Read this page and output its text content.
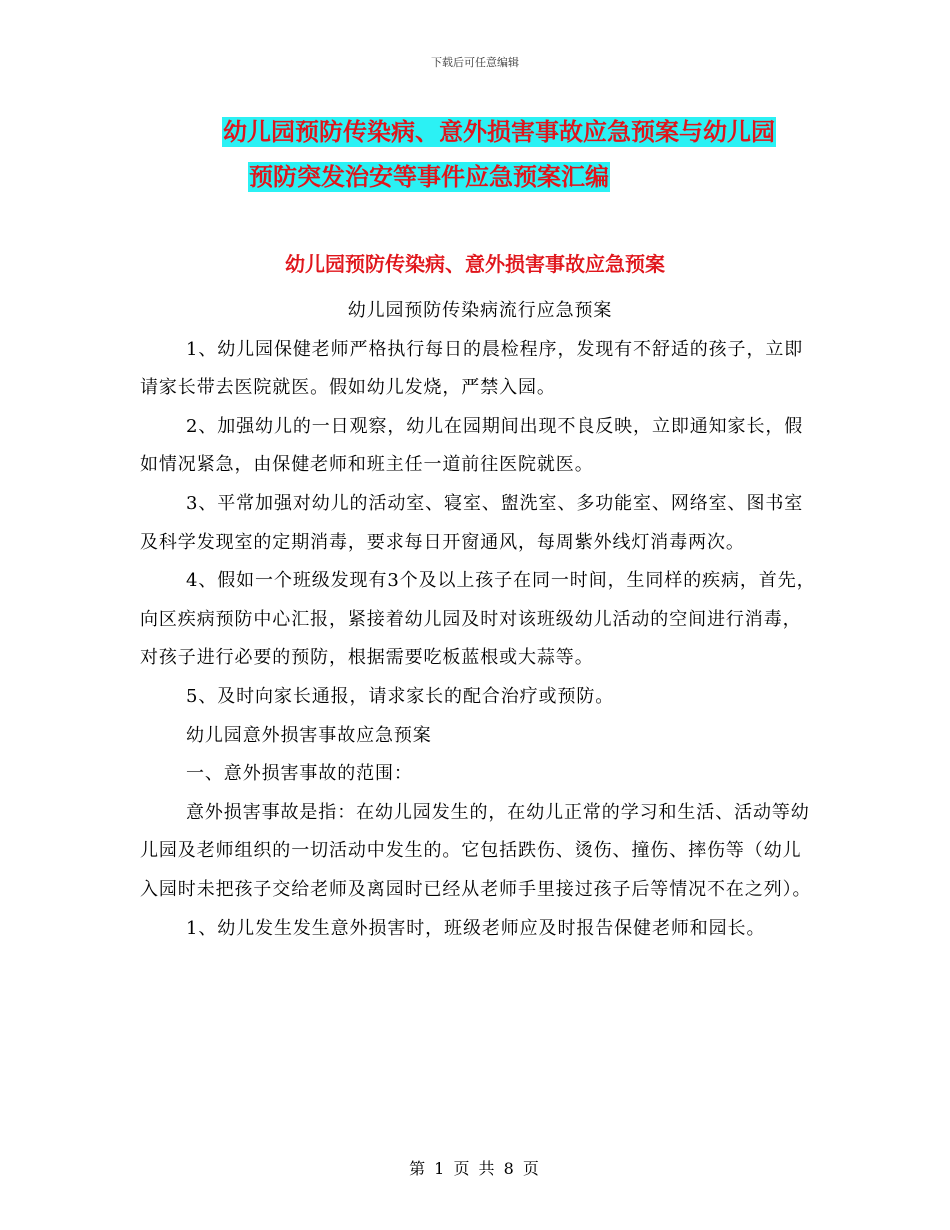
下载后可任意编辑
幼儿园预防传染病、意外损害事故应急预案与幼儿园
预防突发治安等事件应急预案汇编
幼儿园预防传染病、意外损害事故应急预案

幼儿园预防传染病流行应急预案

1、幼儿园保健老师严格执行每日的晨检程序，发现有不舒适的孩子，立即请家长带去医院就医。假如幼儿发烧，严禁入园。

2、加强幼儿的一日观察，幼儿在园期间出现不良反映，立即通知家长，假如情况紧急，由保健老师和班主任一道前往医院就医。

3、平常加强对幼儿的活动室、寝室、盥洗室、多功能室、网络室、图书室及科学发现室的定期消毒，要求每日开窗通风，每周紫外线灯消毒两次。

4、假如一个班级发现有3个及以上孩子在同一时间，生同样的疾病，首先，向区疾病预防中心汇报，紧接着幼儿园及时对该班级幼儿活动的空间进行消毒，对孩子进行必要的预防，根据需要吃板蓝根或大蒜等。

5、及时向家长通报，请求家长的配合治疗或预防。

幼儿园意外损害事故应急预案

一、意外损害事故的范围：

意外损害事故是指：在幼儿园发生的，在幼儿正常的学习和生活、活动等幼儿园及老师组织的一切活动中发生的。它包括跌伤、烫伤、撞伤、摔伤等（幼儿入园时未把孩子交给老师及离园时已经从老师手里接过孩子后等情况不在之列）。

1、幼儿发生发生意外损害时，班级老师应及时报告保健老师和园长。

第 1 页 共 8 页
